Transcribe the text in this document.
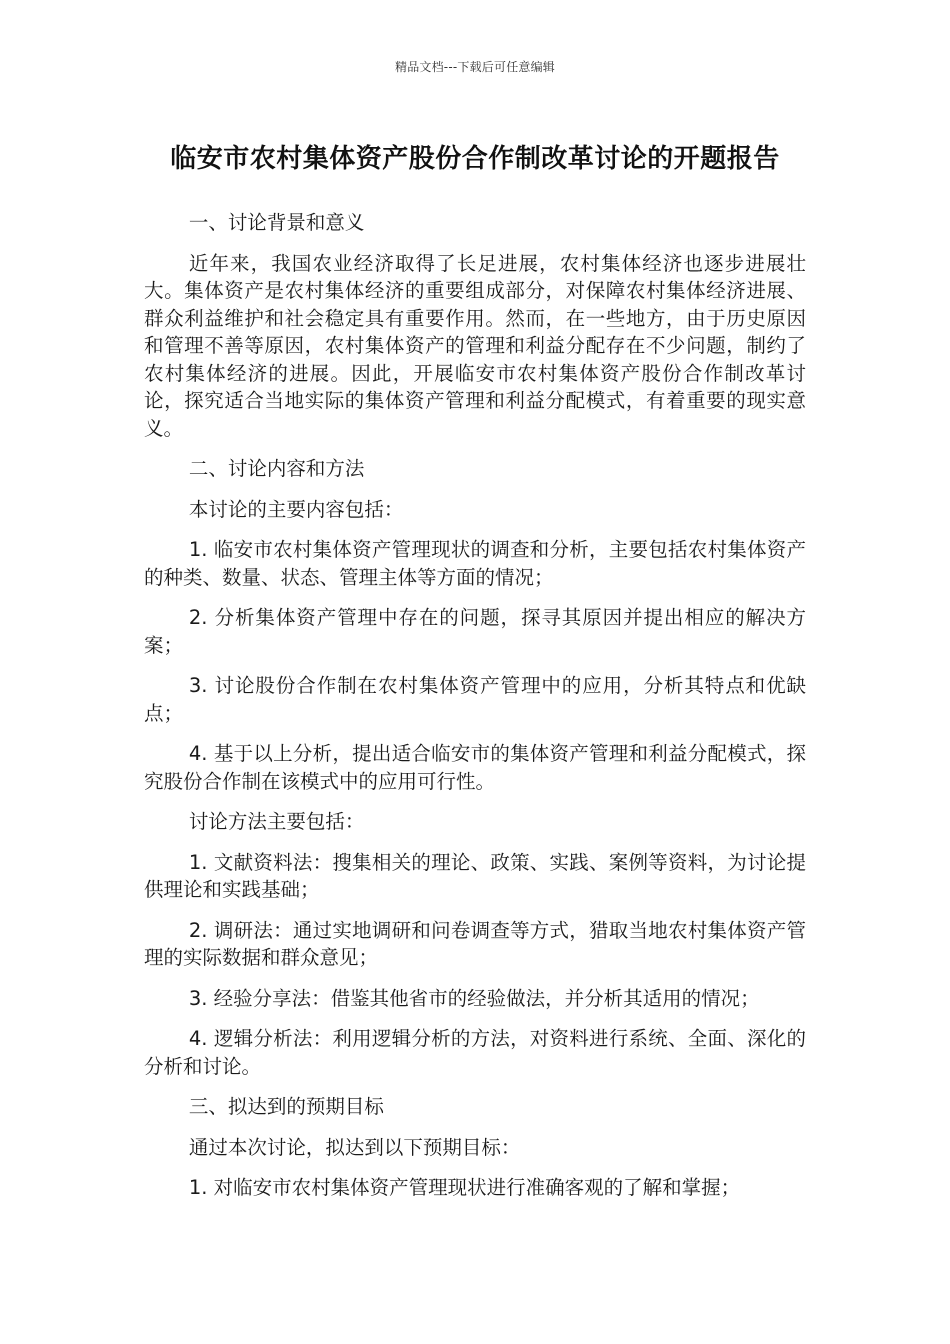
精品文档---下载后可任意编辑
临安市农村集体资产股份合作制改革讨论的开题报告

一、讨论背景和意义

近年来，我国农业经济取得了长足进展，农村集体经济也逐步进展壮大。集体资产是农村集体经济的重要组成部分，对保障农村集体经济进展、群众利益维护和社会稳定具有重要作用。然而，在一些地方，由于历史原因和管理不善等原因，农村集体资产的管理和利益分配存在不少问题，制约了农村集体经济的进展。因此，开展临安市农村集体资产股份合作制改革讨论，探究适合当地实际的集体资产管理和利益分配模式，有着重要的现实意义。

二、讨论内容和方法

本讨论的主要内容包括：

1. 临安市农村集体资产管理现状的调查和分析，主要包括农村集体资产的种类、数量、状态、管理主体等方面的情况；

2. 分析集体资产管理中存在的问题，探寻其原因并提出相应的解决方案；

3. 讨论股份合作制在农村集体资产管理中的应用，分析其特点和优缺点；

4. 基于以上分析，提出适合临安市的集体资产管理和利益分配模式，探究股份合作制在该模式中的应用可行性。

讨论方法主要包括：

1. 文献资料法：搜集相关的理论、政策、实践、案例等资料，为讨论提供理论和实践基础；

2. 调研法：通过实地调研和问卷调查等方式，猎取当地农村集体资产管理的实际数据和群众意见；

3. 经验分享法：借鉴其他省市的经验做法，并分析其适用的情况；

4. 逻辑分析法：利用逻辑分析的方法，对资料进行系统、全面、深化的分析和讨论。

三、拟达到的预期目标

通过本次讨论，拟达到以下预期目标：

1. 对临安市农村集体资产管理现状进行准确客观的了解和掌握；
